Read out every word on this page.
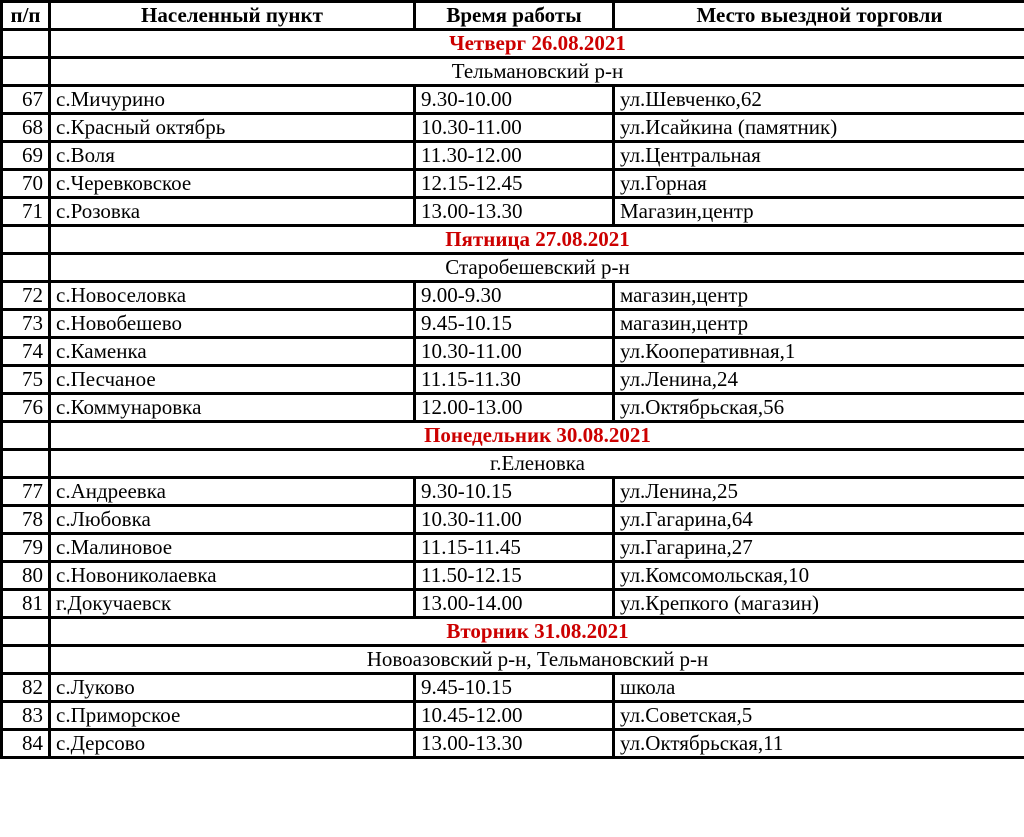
п/п	Населенный пункт	Время работы	Место выездной торговли
	Четверг 26.08.2021		
	Тельмановский р-н		
67	с.Мичурино	9.30-10.00	ул.Шевченко,62
68	с.Красный октябрь	10.30-11.00	ул.Исайкина (памятник)
69	с.Воля	11.30-12.00	ул.Центральная
70	с.Черевковское	12.15-12.45	ул.Горная
71	с.Розовка	13.00-13.30	Магазин,центр
	Пятница 27.08.2021		
	Старобешевский р-н		
72	с.Новоселовка	9.00-9.30	магазин,центр
73	с.Новобешево	9.45-10.15	магазин,центр
74	с.Каменка	10.30-11.00	ул.Кооперативная,1
75	с.Песчаное	11.15-11.30	ул.Ленина,24
76	с.Коммунаровка	12.00-13.00	ул.Октябрьская,56
	Понедельник 30.08.2021		
	г.Еленовка		
77	с.Андреевка	9.30-10.15	ул.Ленина,25
78	с.Любовка	10.30-11.00	ул.Гагарина,64
79	с.Малиновое	11.15-11.45	ул.Гагарина,27
80	с.Новониколаевка	11.50-12.15	ул.Комсомольская,10
81	г.Докучаевск	13.00-14.00	ул.Крепкого (магазин)
	Вторник 31.08.2021		
	Новоазовский р-н, Тельмановский р-н		
82	с.Луково	9.45-10.15	школа
83	с.Приморское	10.45-12.00	ул.Советская,5
84	с.Дерсово	13.00-13.30	ул.Октябрьская,11
